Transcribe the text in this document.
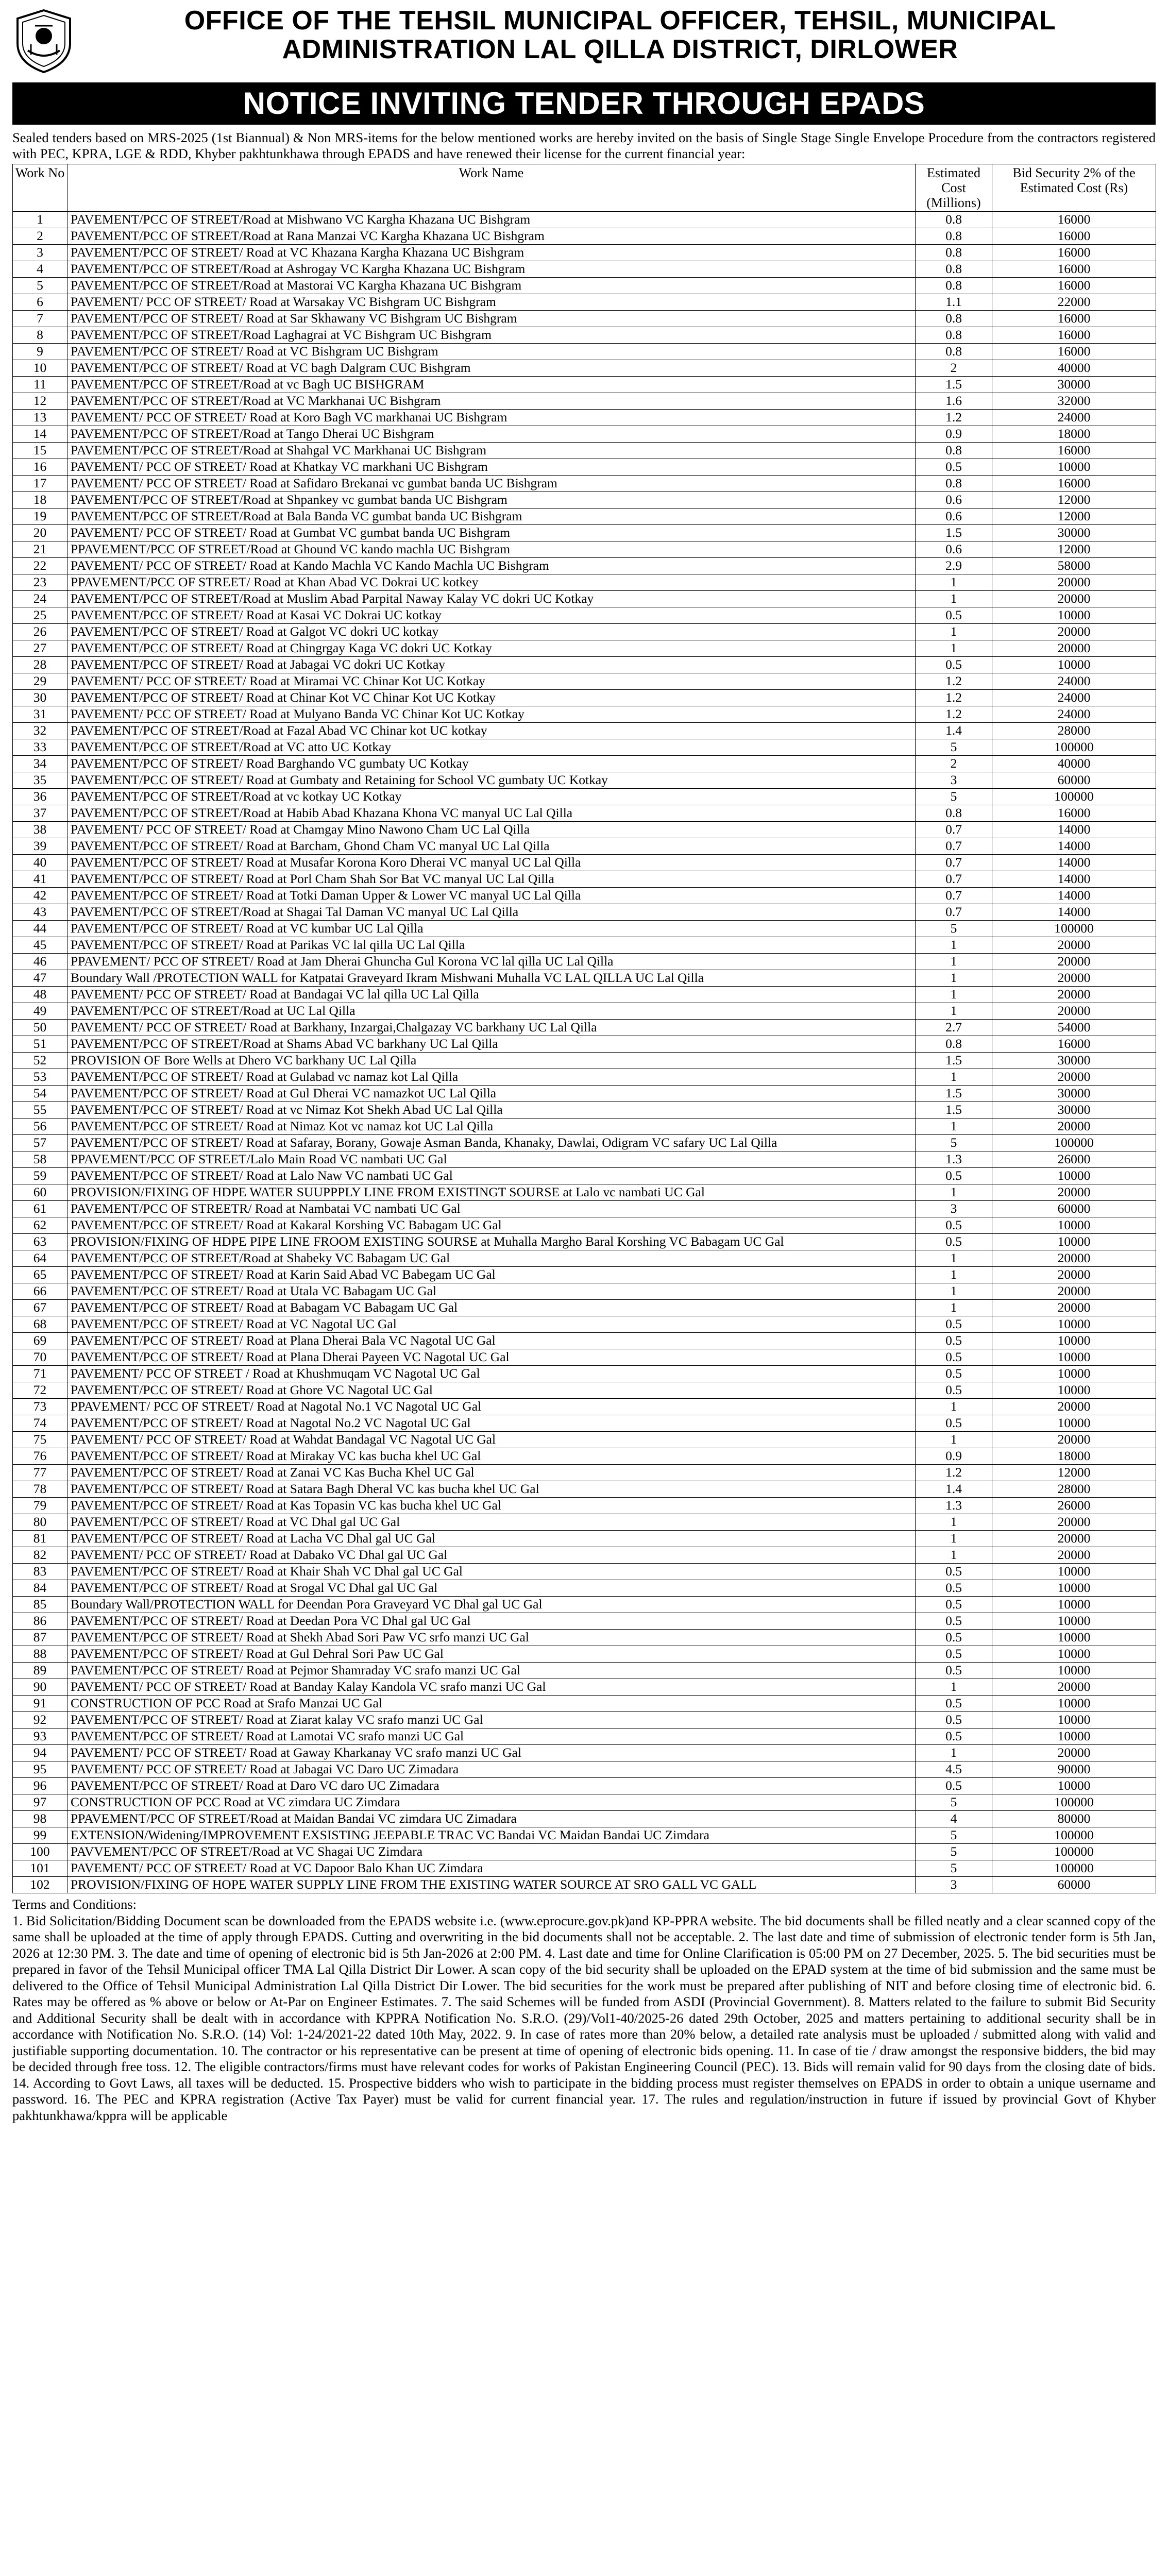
OFFICE OF THE TEHSIL MUNICIPAL OFFICER, TEHSIL, MUNICIPAL
ADMINISTRATION LAL QILLA DISTRICT, DIRLOWER
NOTICE INVITING TENDER THROUGH EPADS
Sealed tenders based on MRS-2025 (1st Biannual) & Non MRS-items for the below mentioned works are hereby invited on the basis of Single Stage Single Envelope Procedure from the contractors registered with PEC, KPRA, LGE & RDD, Khyber pakhtunkhawa through EPADS and have renewed their license for the current financial year:
Work No	Work Name	Estimated Cost (Millions)	Bid Security 2% of the Estimated Cost (Rs)
1	PAVEMENT/PCC OF STREET/Road at Mishwano VC Kargha Khazana UC Bishgram	0.8	16000
2	PAVEMENT/PCC OF STREET/Road at Rana Manzai VC Kargha Khazana UC Bishgram	0.8	16000
3	PAVEMENT/PCC OF STREET/ Road at VC Khazana Kargha Khazana UC Bishgram	0.8	16000
4	PAVEMENT/PCC OF STREET/Road at Ashrogay VC Kargha Khazana UC Bishgram	0.8	16000
5	PAVEMENT/PCC OF STREET/Road at Mastorai VC Kargha Khazana UC Bishgram	0.8	16000
6	PAVEMENT/ PCC OF STREET/ Road at Warsakay VC Bishgram UC Bishgram	1.1	22000
7	PAVEMENT/PCC OF STREET/ Road at Sar Skhawany VC Bishgram UC Bishgram	0.8	16000
8	PAVEMENT/PCC OF STREET/Road Laghagrai at VC Bishgram UC Bishgram	0.8	16000
9	PAVEMENT/PCC OF STREET/ Road at VC Bishgram UC Bishgram	0.8	16000
10	PAVEMENT/PCC OF STREET/ Road at VC bagh Dalgram CUC Bishgram	2	40000
11	PAVEMENT/PCC OF STREET/Road at vc Bagh UC BISHGRAM	1.5	30000
12	PAVEMENT/PCC OF STREET/Road at VC Markhanai UC Bishgram	1.6	32000
13	PAVEMENT/ PCC OF STREET/ Road at Koro Bagh VC markhanai UC Bishgram	1.2	24000
14	PAVEMENT/PCC OF STREET/Road at Tango Dherai UC Bishgram	0.9	18000
15	PAVEMENT/PCC OF STREET/Road at Shahgal VC Markhanai UC Bishgram	0.8	16000
16	PAVEMENT/ PCC OF STREET/ Road at Khatkay VC markhani UC Bishgram	0.5	10000
17	PAVEMENT/ PCC OF STREET/ Road at Safidaro Brekanai vc gumbat banda UC Bishgram	0.8	16000
18	PAVEMENT/PCC OF STREET/Road at Shpankey vc gumbat banda UC Bishgram	0.6	12000
19	PAVEMENT/PCC OF STREET/Road at Bala Banda VC gumbat banda UC Bishgram	0.6	12000
20	PAVEMENT/ PCC OF STREET/ Road at Gumbat VC gumbat banda UC Bishgram	1.5	30000
21	PPAVEMENT/PCC OF STREET/Road at Ghound VC kando machla UC Bishgram	0.6	12000
22	PAVEMENT/ PCC OF STREET/ Road at Kando Machla VC Kando Machla UC Bishgram	2.9	58000
23	PPAVEMENT/PCC OF STREET/ Road at Khan Abad VC Dokrai UC kotkey	1	20000
24	PAVEMENT/PCC OF STREET/Road at Muslim Abad Parpital Naway Kalay VC dokri UC Kotkay	1	20000
25	PAVEMENT/PCC OF STREET/ Road at Kasai VC Dokrai UC kotkay	0.5	10000
26	PAVEMENT/PCC OF STREET/ Road at Galgot VC dokri UC kotkay	1	20000
27	PAVEMENT/PCC OF STREET/ Road at Chingrgay Kaga VC dokri UC Kotkay	1	20000
28	PAVEMENT/PCC OF STREET/ Road at Jabagai VC dokri UC Kotkay	0.5	10000
29	PAVEMENT/ PCC OF STREET/ Road at Miramai VC Chinar Kot UC Kotkay	1.2	24000
30	PAVEMENT/PCC OF STREET/ Road at Chinar Kot VC Chinar Kot UC Kotkay	1.2	24000
31	PAVEMENT/ PCC OF STREET/ Road at Mulyano Banda VC Chinar Kot UC Kotkay	1.2	24000
32	PAVEMENT/PCC OF STREET/Road at Fazal Abad VC Chinar kot UC kotkay	1.4	28000
33	PAVEMENT/PCC OF STREET/Road at VC atto UC Kotkay	5	100000
34	PAVEMENT/PCC OF STREET/ Road Barghando VC gumbaty UC Kotkay	2	40000
35	PAVEMENT/PCC OF STREET/ Road at Gumbaty and Retaining for School VC gumbaty UC Kotkay	3	60000
36	PAVEMENT/PCC OF STREET/Road at vc kotkay UC Kotkay	5	100000
37	PAVEMENT/PCC OF STREET/Road at Habib Abad Khazana Khona VC manyal UC Lal Qilla	0.8	16000
38	PAVEMENT/ PCC OF STREET/ Road at Chamgay Mino Nawono Cham UC Lal Qilla	0.7	14000
39	PAVEMENT/PCC OF STREET/ Road at Barcham, Ghond Cham VC manyal UC Lal Qilla	0.7	14000
40	PAVEMENT/PCC OF STREET/ Road at Musafar Korona Koro Dherai VC manyal UC Lal Qilla	0.7	14000
41	PAVEMENT/PCC OF STREET/ Road at Porl Cham Shah Sor Bat VC manyal UC Lal Qilla	0.7	14000
42	PAVEMENT/PCC OF STREET/ Road at Totki Daman Upper & Lower VC manyal UC Lal Qilla	0.7	14000
43	PAVEMENT/PCC OF STREET/Road at Shagai Tal Daman VC manyal UC Lal Qilla	0.7	14000
44	PAVEMENT/PCC OF STREET/ Road at VC kumbar UC Lal Qilla	5	100000
45	PAVEMENT/PCC OF STREET/ Road at Parikas VC lal qilla UC Lal Qilla	1	20000
46	PPAVEMENT/ PCC OF STREET/ Road at Jam Dherai Ghuncha Gul Korona VC lal qilla UC Lal Qilla	1	20000
47	Boundary Wall /PROTECTION WALL for Katpatai Graveyard Ikram Mishwani Muhalla VC LAL QILLA UC Lal Qilla	1	20000
48	PAVEMENT/ PCC OF STREET/ Road at Bandagai VC lal qilla UC Lal Qilla	1	20000
49	PAVEMENT/PCC OF STREET/Road at UC Lal Qilla	1	20000
50	PAVEMENT/ PCC OF STREET/ Road at Barkhany, Inzargai,Chalgazay VC barkhany UC Lal Qilla	2.7	54000
51	PAVEMENT/PCC OF STREET/Road at Shams Abad VC barkhany UC Lal Qilla	0.8	16000
52	PROVISION OF Bore Wells at Dhero VC barkhany UC Lal Qilla	1.5	30000
53	PAVEMENT/PCC OF STREET/ Road at Gulabad vc namaz kot Lal Qilla	1	20000
54	PAVEMENT/PCC OF STREET/ Road at Gul Dherai VC namazkot UC Lal Qilla	1.5	30000
55	PAVEMENT/PCC OF STREET/ Road at vc Nimaz Kot Shekh Abad UC Lal Qilla	1.5	30000
56	PAVEMENT/PCC OF STREET/ Road at Nimaz Kot vc namaz kot UC Lal Qilla	1	20000
57	PAVEMENT/PCC OF STREET/ Road at Safaray, Borany, Gowaje Asman Banda, Khanaky, Dawlai, Odigram VC safary UC Lal Qilla	5	100000
58	PPAVEMENT/PCC OF STREET/Lalo Main Road VC nambati UC Gal	1.3	26000
59	PAVEMENT/PCC OF STREET/ Road at Lalo Naw VC nambati UC Gal	0.5	10000
60	PROVISION/FIXING OF HDPE WATER SUUPPPLY LINE FROM EXISTINGT SOURSE at Lalo vc nambati UC Gal	1	20000
61	PAVEMENT/PCC OF STREETR/ Road at Nambatai VC nambati UC Gal	3	60000
62	PAVEMENT/PCC OF STREET/ Road at Kakaral Korshing VC Babagam UC Gal	0.5	10000
63	PROVISION/FIXING OF HDPE PIPE LINE FROOM EXISTING SOURSE at Muhalla Margho Baral Korshing VC Babagam UC Gal	0.5	10000
64	PAVEMENT/PCC OF STREET/Road at Shabeky VC Babagam UC Gal	1	20000
65	PAVEMENT/PCC OF STREET/ Road at Karin Said Abad VC Babegam UC Gal	1	20000
66	PAVEMENT/PCC OF STREET/ Road at Utala VC Babagam UC Gal	1	20000
67	PAVEMENT/PCC OF STREET/ Road at Babagam VC Babagam UC Gal	1	20000
68	PAVEMENT/PCC OF STREET/ Road at VC Nagotal UC Gal	0.5	10000
69	PAVEMENT/PCC OF STREET/ Road at Plana Dherai Bala VC Nagotal UC Gal	0.5	10000
70	PAVEMENT/PCC OF STREET/ Road at Plana Dherai Payeen VC Nagotal UC Gal	0.5	10000
71	PAVEMENT/ PCC OF STREET / Road at Khushmuqam VC Nagotal UC Gal	0.5	10000
72	PAVEMENT/PCC OF STREET/ Road at Ghore VC Nagotal UC Gal	0.5	10000
73	PPAVEMENT/ PCC OF STREET/ Road at Nagotal No.1 VC Nagotal UC Gal	1	20000
74	PAVEMENT/PCC OF STREET/ Road at Nagotal No.2 VC Nagotal UC Gal	0.5	10000
75	PAVEMENT/ PCC OF STREET/ Road at Wahdat Bandagal VC Nagotal UC Gal	1	20000
76	PAVEMENT/PCC OF STREET/ Road at Mirakay VC kas bucha khel UC Gal	0.9	18000
77	PAVEMENT/PCC OF STREET/ Road at Zanai VC Kas Bucha Khel UC Gal	1.2	12000
78	PAVEMENT/PCC OF STREET/ Road at Satara Bagh Dheral VC kas bucha khel UC Gal	1.4	28000
79	PAVEMENT/PCC OF STREET/ Road at Kas Topasin VC kas bucha khel UC Gal	1.3	26000
80	PAVEMENT/PCC OF STREET/ Road at VC Dhal gal UC Gal	1	20000
81	PAVEMENT/PCC OF STREET/ Road at Lacha VC Dhal gal UC Gal	1	20000
82	PAVEMENT/ PCC OF STREET/ Road at Dabako VC Dhal gal UC Gal	1	20000
83	PAVEMENT/PCC OF STREET/ Road at Khair Shah VC Dhal gal UC Gal	0.5	10000
84	PAVEMENT/PCC OF STREET/ Road at Srogal VC Dhal gal UC Gal	0.5	10000
85	Boundary Wall/PROTECTION WALL for Deendan Pora Graveyard VC Dhal gal UC Gal	0.5	10000
86	PAVEMENT/PCC OF STREET/ Road at Deedan Pora VC Dhal gal UC Gal	0.5	10000
87	PAVEMENT/PCC OF STREET/ Road at Shekh Abad Sori Paw VC srfo manzi UC Gal	0.5	10000
88	PAVEMENT/PCC OF STREET/ Road at Gul Dehral Sori Paw UC Gal	0.5	10000
89	PAVEMENT/PCC OF STREET/ Road at Pejmor Shamraday VC srafo manzi UC Gal	0.5	10000
90	PAVEMENT/ PCC OF STREET/ Road at Banday Kalay Kandola VC srafo manzi UC Gal	1	20000
91	CONSTRUCTION OF PCC Road at Srafo Manzai UC Gal	0.5	10000
92	PAVEMENT/PCC OF STREET/ Road at Ziarat kalay VC srafo manzi UC Gal	0.5	10000
93	PAVEMENT/PCC OF STREET/ Road at Lamotai VC srafo manzi UC Gal	0.5	10000
94	PAVEMENT/ PCC OF STREET/ Road at Gaway Kharkanay VC srafo manzi UC Gal	1	20000
95	PAVEMENT/ PCC OF STREET/ Road at Jabagai VC Daro UC Zimadara	4.5	90000
96	PAVEMENT/PCC OF STREET/ Road at Daro VC daro UC Zimadara	0.5	10000
97	CONSTRUCTION OF PCC Road at VC zimdara UC Zimdara	5	100000
98	PPAVEMENT/PCC OF STREET/Road at Maidan Bandai VC zimdara UC Zimadara	4	80000
99	EXTENSION/Widening/IMPROVEMENT EXSISTING JEEPABLE TRAC VC Bandai VC Maidan Bandai UC Zimdara	5	100000
100	PAVVEMENT/PCC OF STREET/Road at VC Shagai UC Zimdara	5	100000
101	PAVEMENT/ PCC OF STREET/ Road at VC Dapoor Balo Khan UC Zimdara	5	100000
102	PROVISION/FIXING OF HOPE WATER SUPPLY LINE FROM THE EXISTING WATER SOURCE AT SRO GALL VC GALL	3	60000
Terms and Conditions:
1. Bid Solicitation/Bidding Document scan be downloaded from the EPADS website i.e. (www.eprocure.gov.pk)and KP-PPRA website. The bid documents shall be filled neatly and a clear scanned copy of the same shall be uploaded at the time of apply through EPADS. Cutting and overwriting in the bid documents shall not be acceptable. 2. The last date and time of submission of electronic tender form is 5th Jan, 2026 at 12:30 PM. 3. The date and time of opening of electronic bid is 5th Jan-2026 at 2:00 PM. 4. Last date and time for Online Clarification is 05:00 PM on 27 December, 2025. 5. The bid securities must be prepared in favor of the Tehsil Municipal officer TMA Lal Qilla District Dir Lower. A scan copy of the bid security shall be uploaded on the EPAD system at the time of bid submission and the same must be delivered to the Office of Tehsil Municipal Administration Lal Qilla District Dir Lower. The bid securities for the work must be prepared after publishing of NIT and before closing time of electronic bid. 6. Rates may be offered as % above or below or At-Par on Engineer Estimates. 7. The said Schemes will be funded from ASDI (Provincial Government). 8. Matters related to the failure to submit Bid Security and Additional Security shall be dealt with in accordance with KPPRA Notification No. S.R.O. (29)/Vol1-40/2025-26 dated 29th October, 2025 and matters pertaining to additional security shall be in accordance with Notification No. S.R.O. (14) Vol: 1-24/2021-22 dated 10th May, 2022. 9. In case of rates more than 20% below, a detailed rate analysis must be uploaded / submitted along with valid and justifiable supporting documentation. 10. The contractor or his representative can be present at time of opening of electronic bids opening. 11. In case of tie / draw amongst the responsive bidders, the bid may be decided through free toss. 12. The eligible contractors/firms must have relevant codes for works of Pakistan Engineering Council (PEC). 13. Bids will remain valid for 90 days from the closing date of bids. 14. According to Govt Laws, all taxes will be deducted. 15. Prospective bidders who wish to participate in the bidding process must register themselves on EPADS in order to obtain a unique username and password. 16. The PEC and KPRA registration (Active Tax Payer) must be valid for current financial year. 17. The rules and regulation/instruction in future if issued by provincial Govt of Khyber pakhtunkhawa/kppra will be applicable
